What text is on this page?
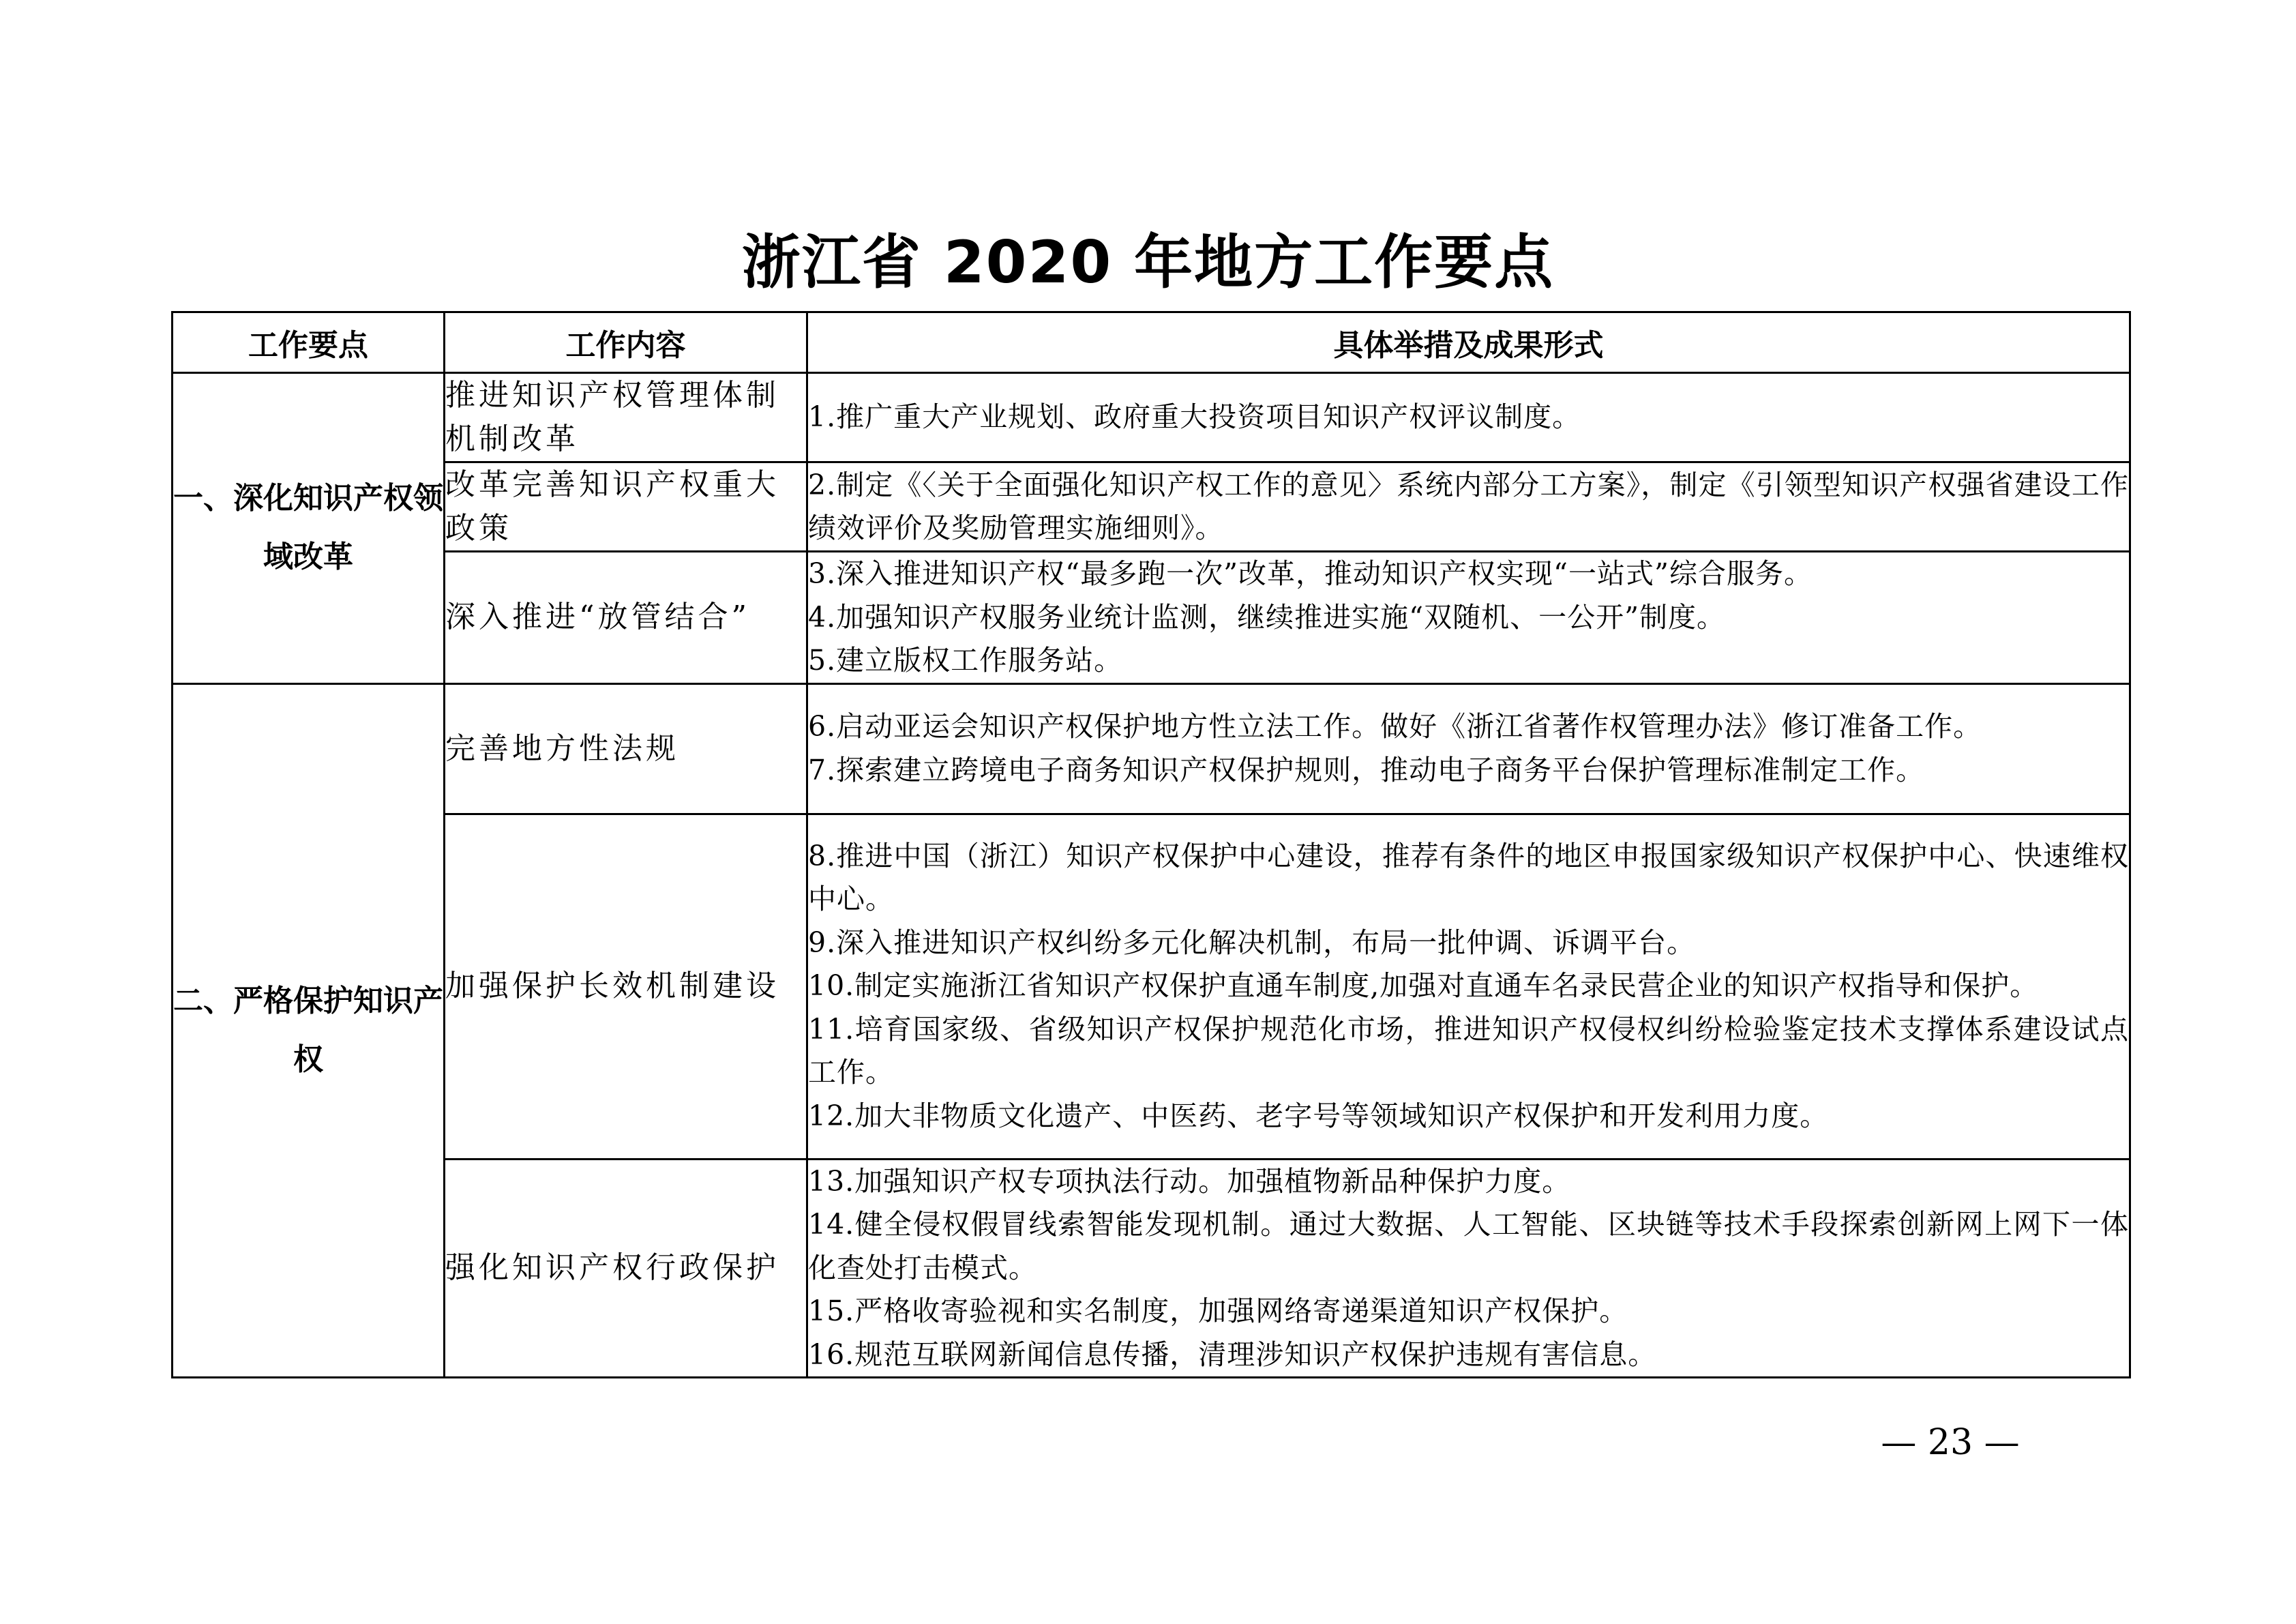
浙江省 2020 年地方工作要点
工作要点	工作内容	具体举措及成果形式
一、深化知识产权领域改革	推进知识产权管理体制机制改革	1.推广重大产业规划、政府重大投资项目知识产权评议制度。

	改革完善知识产权重大政策	2.制定《〈关于全面强化知识产权工作的意见〉系统内部分工方案》，制定《引领型知识产权强省建设工作绩效评价及奖励管理实施细则》。

	深入推进“放管结合”	3.深入推进知识产权“最多跑一次”改革，推动知识产权实现“一站式”综合服务。
4.加强知识产权服务业统计监测，继续推进实施“双随机、一公开”制度。
5.建立版权工作服务站。

二、严格保护知识产权	完善地方性法规	6.启动亚运会知识产权保护地方性立法工作。做好《浙江省著作权管理办法》修订准备工作。
7.探索建立跨境电子商务知识产权保护规则，推动电子商务平台保护管理标准制定工作。

	加强保护长效机制建设	8.推进中国（浙江）知识产权保护中心建设，推荐有条件的地区申报国家级知识产权保护中心、快速维权中心。
9.深入推进知识产权纠纷多元化解决机制，布局一批仲调、诉调平台。
10.制定实施浙江省知识产权保护直通车制度,加强对直通车名录民营企业的知识产权指导和保护。
11.培育国家级、省级知识产权保护规范化市场，推进知识产权侵权纠纷检验鉴定技术支撑体系建设试点工作。
12.加大非物质文化遗产、中医药、老字号等领域知识产权保护和开发利用力度。

	强化知识产权行政保护	13.加强知识产权专项执法行动。加强植物新品种保护力度。
14.健全侵权假冒线索智能发现机制。通过大数据、人工智能、区块链等技术手段探索创新网上网下一体化查处打击模式。
15.严格收寄验视和实名制度，加强网络寄递渠道知识产权保护。
16.规范互联网新闻信息传播，清理涉知识产权保护违规有害信息。
— 23 —
